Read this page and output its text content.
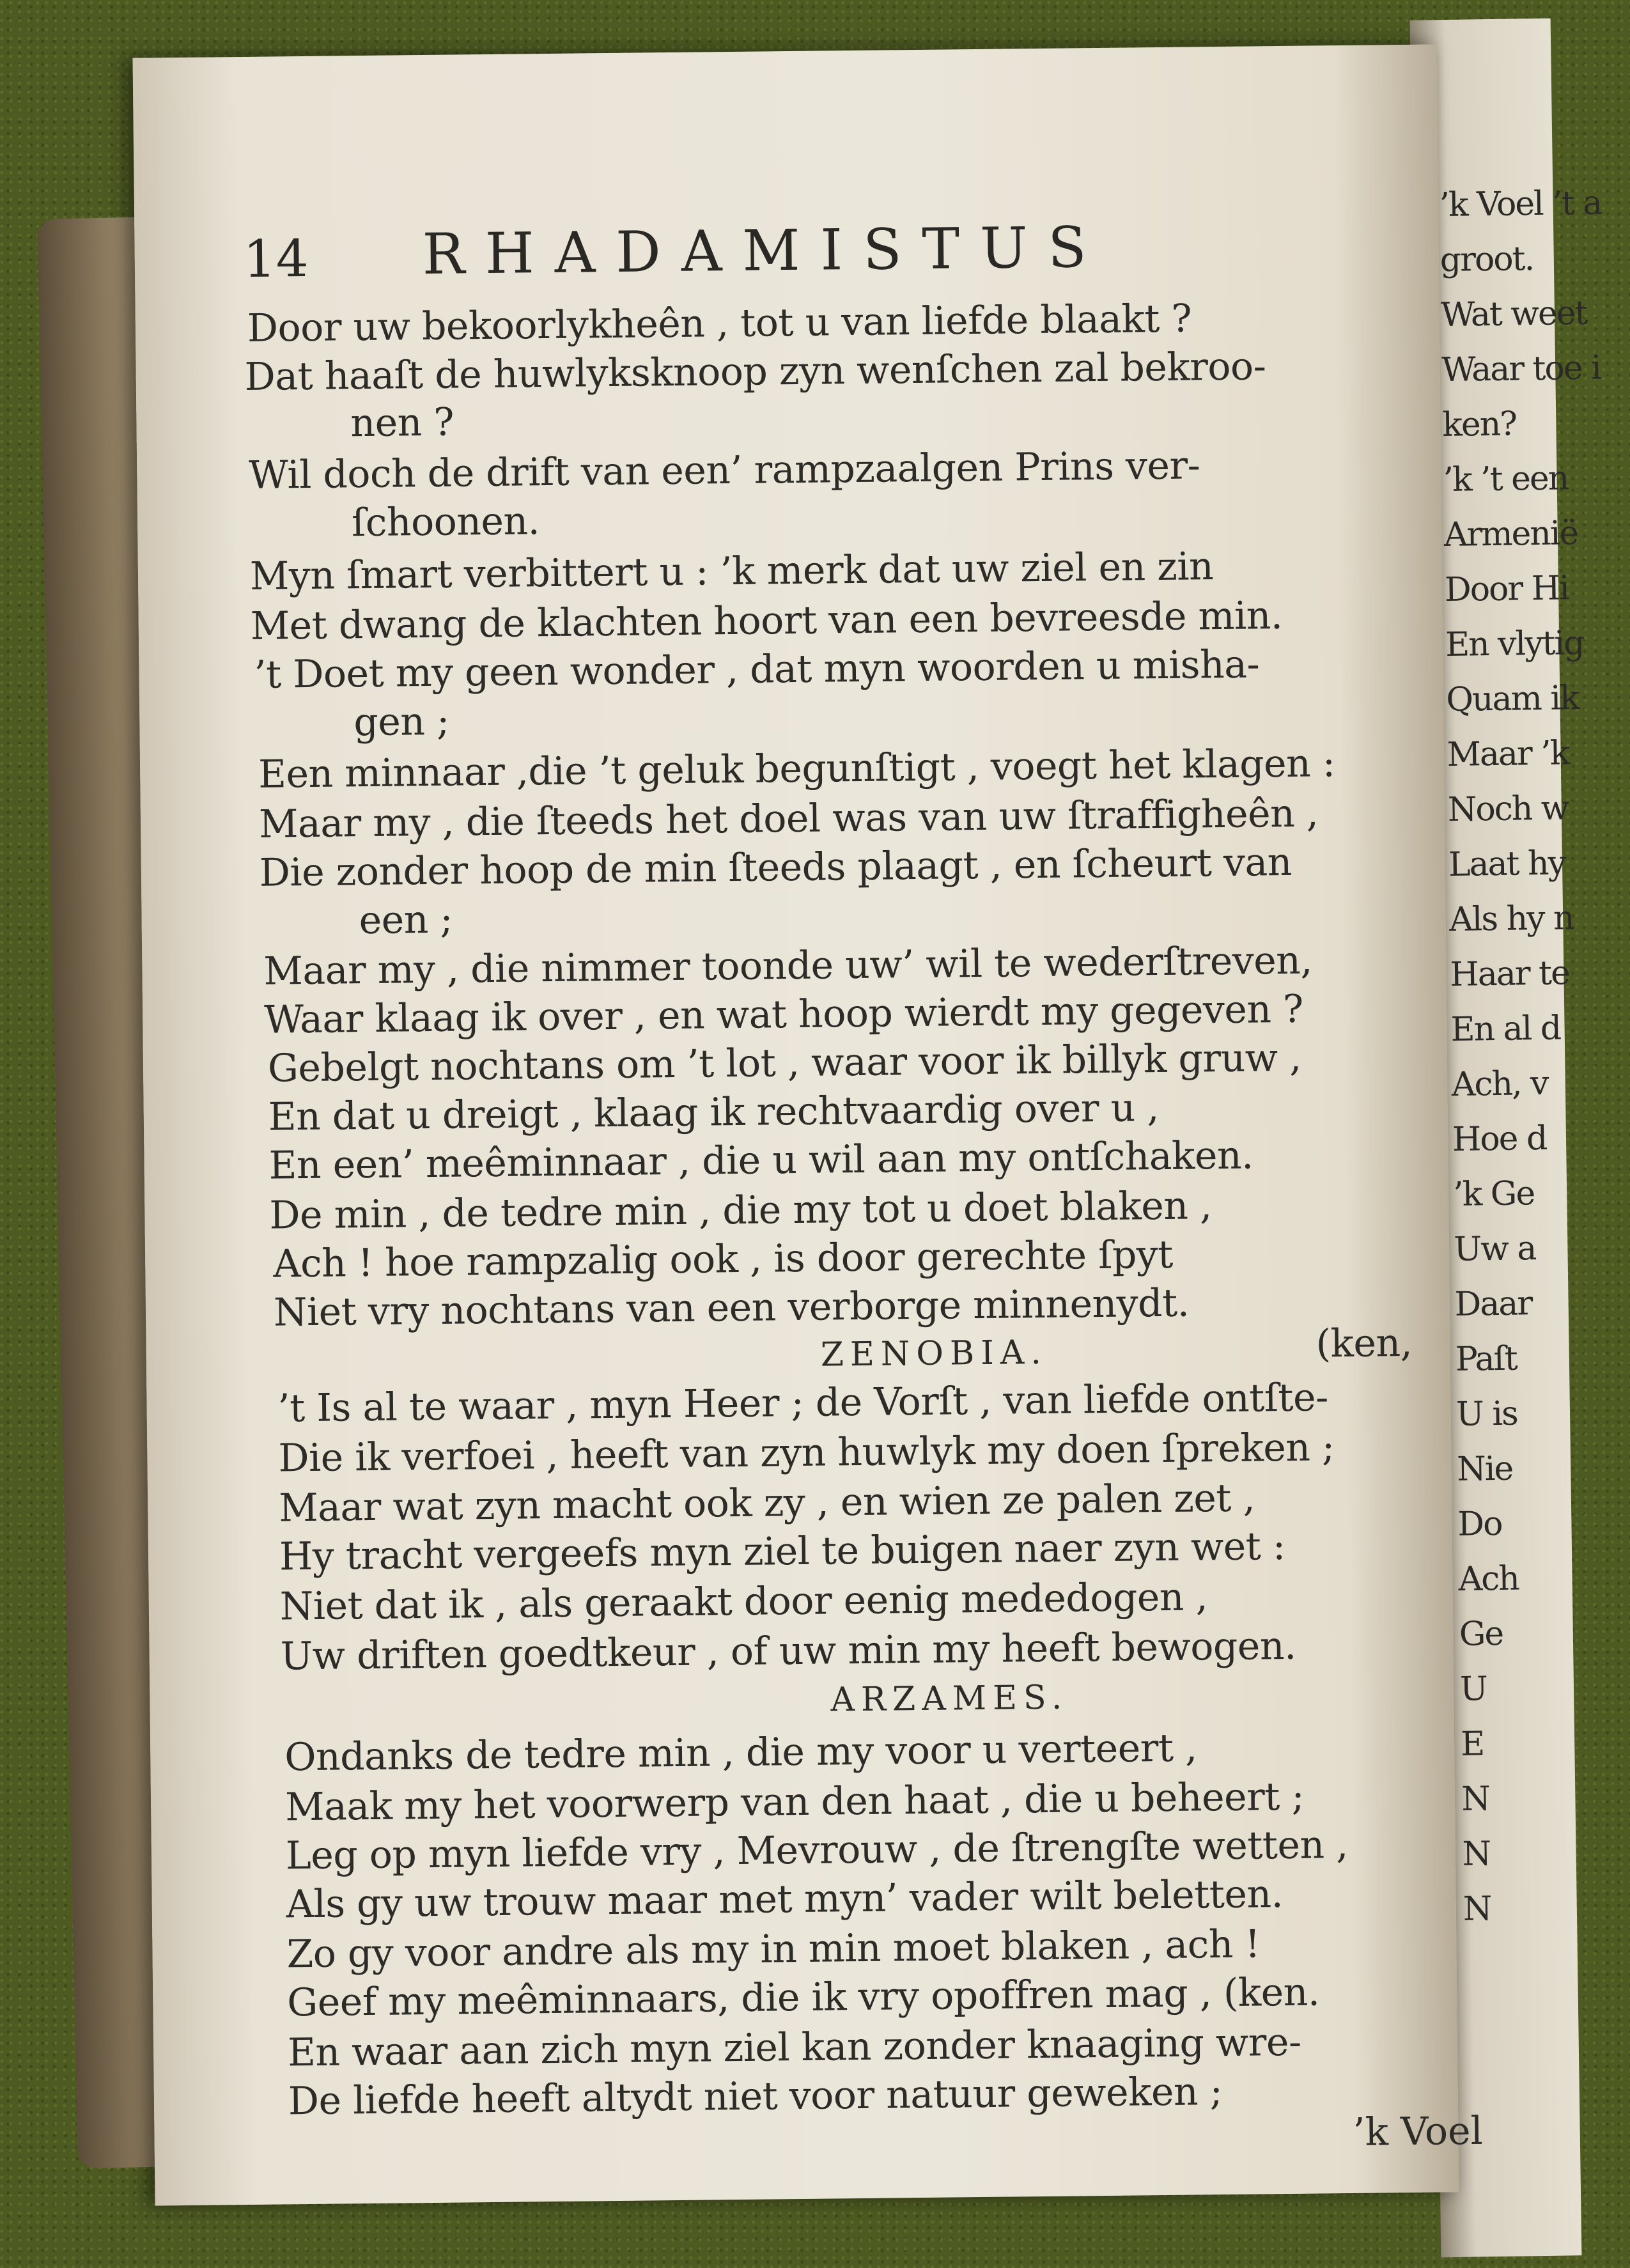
’k Voel ’t a
groot.
Wat weet
Waar toe i
ken?
’k ’t een
Armenië
Door Hi
En vlytig
Quam ik
Maar ’k
Noch w
Laat hy
Als hy n
Haar te
En al d
Ach, v
Hoe d
’k Ge
Uw a
Daar
Paſt
U is
Nie
Do
Ach
Ge
U
E
N
N
N
14 RHADAMISTUS
Door uw bekoorlykheên , tot u van liefde blaakt ?
Dat haaſt de huwlyksknoop zyn wenſchen zal bekroo-
nen ?
Wil doch de drift van een’ rampzaalgen Prins ver-
ſchoonen.
Myn ſmart verbittert u : ’k merk dat uw ziel en zin
Met dwang de klachten hoort van een bevreesde min.
’t Doet my geen wonder , dat myn woorden u misha-
gen ;
Een minnaar ,die ’t geluk begunſtigt , voegt het klagen :
Maar my , die ſteeds het doel was van uw ſtraffigheên ,
Die zonder hoop de min ſteeds plaagt , en ſcheurt van
een ;
Maar my , die nimmer toonde uw’ wil te wederſtreven,
Waar klaag ik over , en wat hoop wierdt my gegeven ?
Gebelgt nochtans om ’t lot , waar voor ik billyk gruw ,
En dat u dreigt , klaag ik rechtvaardig over u ,
En een’ meêminnaar , die u wil aan my ontſchaken.
De min , de tedre min , die my tot u doet blaken ,
Ach ! hoe rampzalig ook , is door gerechte ſpyt
Niet vry nochtans van een verborge minnenydt.
ZENOBIA.	(ken,
’t Is al te waar , myn Heer ; de Vorſt , van liefde ontſte-
Die ik verfoei , heeft van zyn huwlyk my doen ſpreken ;
Maar wat zyn macht ook zy , en wien ze palen zet ,
Hy tracht vergeefs myn ziel te buigen naer zyn wet :
Niet dat ik , als geraakt door eenig mededogen ,
Uw driften goedtkeur , of uw min my heeft bewogen.
ARZAMES.
Ondanks de tedre min , die my voor u verteert ,
Maak my het voorwerp van den haat , die u beheert ;
Leg op myn liefde vry , Mevrouw , de ſtrengſte wetten ,
Als gy uw trouw maar met myn’ vader wilt beletten.
Zo gy voor andre als my in min moet blaken , ach !
Geef my meêminnaars, die ik vry opoffren mag , (ken.
En waar aan zich myn ziel kan zonder knaaging wre-
De liefde heeft altydt niet voor natuur geweken ;
’k Voel
